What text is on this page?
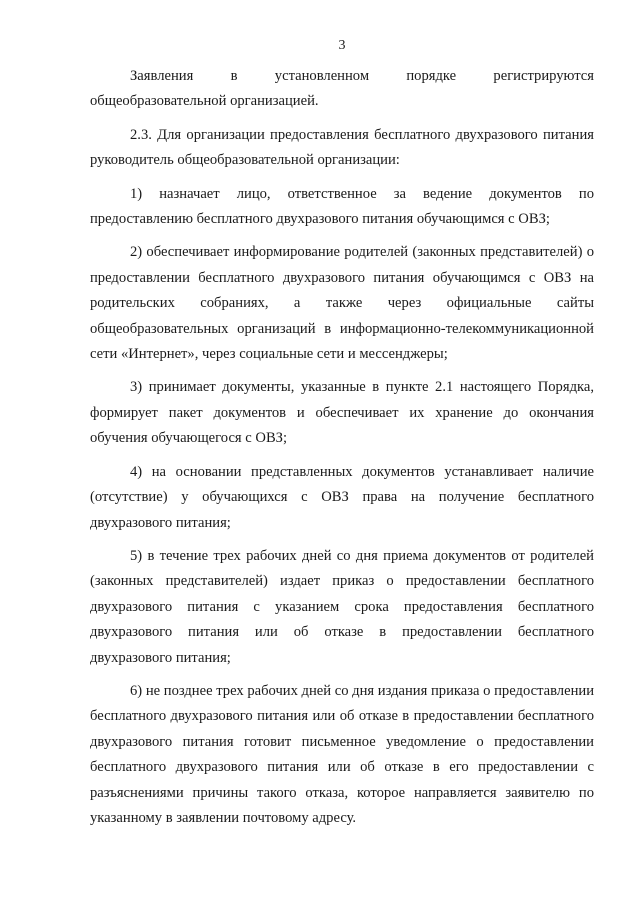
3

Заявления в установленном порядке регистрируются общеобразовательной организацией.

2.3. Для организации предоставления бесплатного двухразового питания руководитель общеобразовательной организации:

1) назначает лицо, ответственное за ведение документов по предоставлению бесплатного двухразового питания обучающимся с ОВЗ;

2) обеспечивает информирование родителей (законных представителей) о предоставлении бесплатного двухразового питания обучающимся с ОВЗ на родительских собраниях, а также через официальные сайты общеобразовательных организаций в информационно-телекоммуникационной сети «Интернет», через социальные сети и мессенджеры;

3) принимает документы, указанные в пункте 2.1 настоящего Порядка, формирует пакет документов и обеспечивает их хранение до окончания обучения обучающегося с ОВЗ;

4) на основании представленных документов устанавливает наличие (отсутствие) у обучающихся с ОВЗ права на получение бесплатного двухразового питания;

5) в течение трех рабочих дней со дня приема документов от родителей (законных представителей) издает приказ о предоставлении бесплатного двухразового питания с указанием срока предоставления бесплатного двухразового питания или об отказе в предоставлении бесплатного двухразового питания;

6) не позднее трех рабочих дней со дня издания приказа о предоставлении бесплатного двухразового питания или об отказе в предоставлении бесплатного двухразового питания готовит письменное уведомление о предоставлении бесплатного двухразового питания или об отказе в его предоставлении с разъяснениями причины такого отказа, которое направляется заявителю по указанному в заявлении почтовому адресу.
